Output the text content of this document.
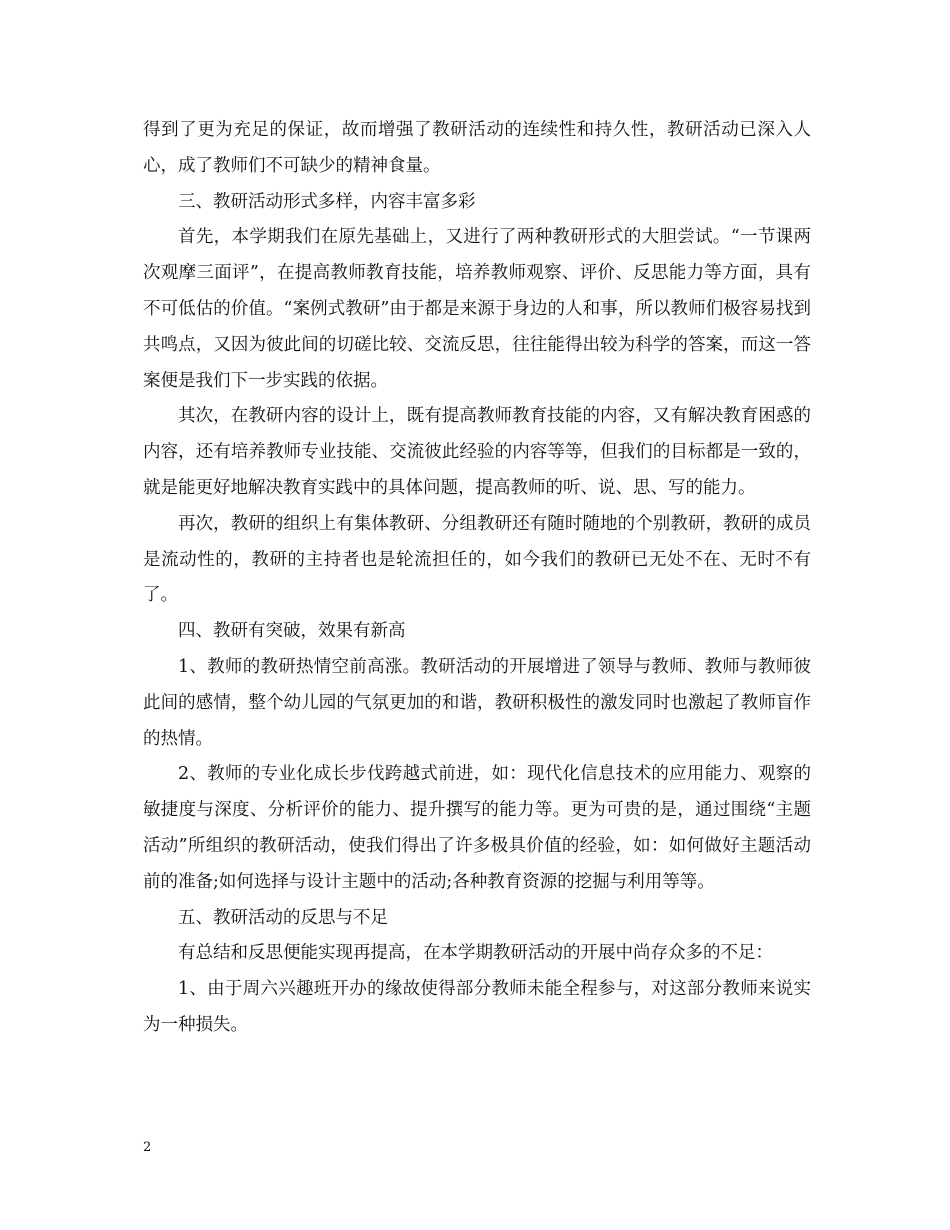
得到了更为充足的保证，故而增强了教研活动的连续性和持久性，教研活动已深入人心，成了教师们不可缺少的精神食量。

三、教研活动形式多样，内容丰富多彩

首先，本学期我们在原先基础上，又进行了两种教研形式的大胆尝试。“一节课两次观摩三面评”，在提高教师教育技能，培养教师观察、评价、反思能力等方面，具有不可低估的价值。“案例式教研”由于都是来源于身边的人和事，所以教师们极容易找到共鸣点，又因为彼此间的切磋比较、交流反思，往往能得出较为科学的答案，而这一答案便是我们下一步实践的依据。

其次，在教研内容的设计上，既有提高教师教育技能的内容，又有解决教育困惑的内容，还有培养教师专业技能、交流彼此经验的内容等等，但我们的目标都是一致的，就是能更好地解决教育实践中的具体问题，提高教师的听、说、思、写的能力。

再次，教研的组织上有集体教研、分组教研还有随时随地的个别教研，教研的成员是流动性的，教研的主持者也是轮流担任的，如今我们的教研已无处不在、无时不有了。

四、教研有突破，效果有新高

1、教师的教研热情空前高涨。教研活动的开展增进了领导与教师、教师与教师彼此间的感情，整个幼儿园的气氛更加的和谐，教研积极性的激发同时也激起了教师盲作的热情。

2、教师的专业化成长步伐跨越式前进，如：现代化信息技术的应用能力、观察的敏捷度与深度、分析评价的能力、提升撰写的能力等。更为可贵的是，通过围绕“主题活动”所组织的教研活动，使我们得出了许多极具价值的经验，如：如何做好主题活动前的准备;如何选择与设计主题中的活动;各种教育资源的挖掘与利用等等。

五、教研活动的反思与不足

有总结和反思便能实现再提高，在本学期教研活动的开展中尚存众多的不足：

1、由于周六兴趣班开办的缘故使得部分教师未能全程参与，对这部分教师来说实为一种损失。

2
